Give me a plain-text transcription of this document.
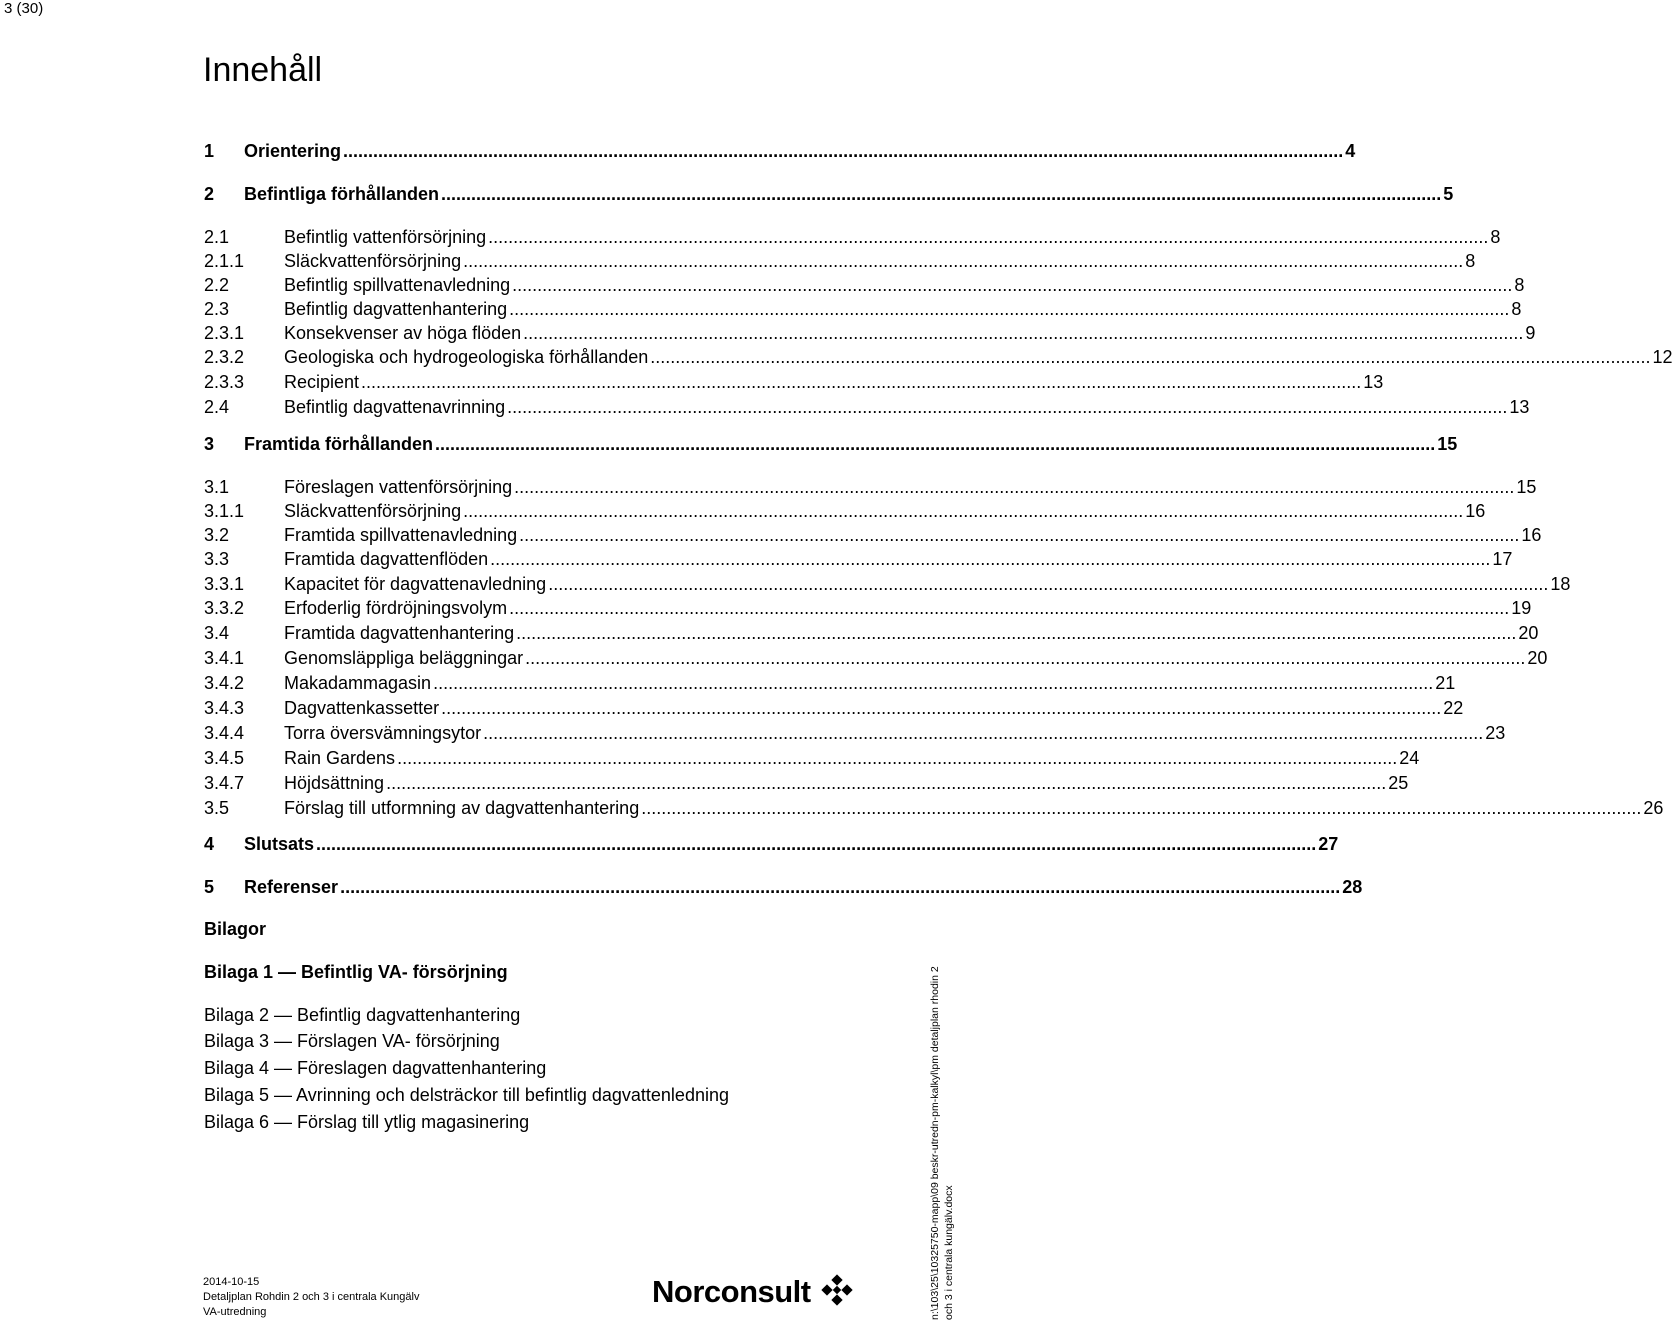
3 (30)
Innehåll
1	Orientering ........................................................................................................................................................................................................ 4
2	Befintliga förhållanden ........................................................................................................................................................................................................ 5
2.1	Befintlig vattenförsörjning ........................................................................................................................................................................................................ 8
2.1.1	Släckvattenförsörjning ........................................................................................................................................................................................................ 8
2.2	Befintlig spillvattenavledning ........................................................................................................................................................................................................ 8
2.3	Befintlig dagvattenhantering ........................................................................................................................................................................................................ 8
2.3.1	Konsekvenser av höga flöden ........................................................................................................................................................................................................ 9
2.3.2	Geologiska och hydrogeologiska förhållanden ........................................................................................................................................................................................................ 12
2.3.3	Recipient ........................................................................................................................................................................................................ 13
2.4	Befintlig dagvattenavrinning ........................................................................................................................................................................................................ 13
3	Framtida förhållanden ........................................................................................................................................................................................................ 15
3.1	Föreslagen vattenförsörjning ........................................................................................................................................................................................................ 15
3.1.1	Släckvattenförsörjning ........................................................................................................................................................................................................ 16
3.2	Framtida spillvattenavledning ........................................................................................................................................................................................................ 16
3.3	Framtida dagvattenflöden ........................................................................................................................................................................................................ 17
3.3.1	Kapacitet för dagvattenavledning ........................................................................................................................................................................................................ 18
3.3.2	Erfoderlig fördröjningsvolym ........................................................................................................................................................................................................ 19
3.4	Framtida dagvattenhantering ........................................................................................................................................................................................................ 20
3.4.1	Genomsläppliga beläggningar ........................................................................................................................................................................................................ 20
3.4.2	Makadammagasin ........................................................................................................................................................................................................ 21
3.4.3	Dagvattenkassetter ........................................................................................................................................................................................................ 22
3.4.4	Torra översvämningsytor ........................................................................................................................................................................................................ 23
3.4.5	Rain Gardens ........................................................................................................................................................................................................ 24
3.4.7	Höjdsättning ........................................................................................................................................................................................................ 25
3.5	Förslag till utformning av dagvattenhantering ........................................................................................................................................................................................................ 26
4	Slutsats ........................................................................................................................................................................................................ 27
5	Referenser ........................................................................................................................................................................................................ 28
Bilagor
Bilaga 1 — Befintlig VA- försörjning
Bilaga 2 — Befintlig dagvattenhantering
Bilaga 3 — Förslagen VA- försörjning
Bilaga 4 — Föreslagen dagvattenhantering
Bilaga 5 — Avrinning och delsträckor till befintlig dagvattenledning
Bilaga 6 — Förslag till ytlig magasinering
2014-10-15
Detaljplan Rohdin 2 och 3 i centrala Kungälv
VA-utredning
Norconsult	n:\103\25\10325750-mapp\09 beskr-utredn-pm-kalkyl\pm detaljplan rhodin 2 och 3 i centrala kungälv.docx
